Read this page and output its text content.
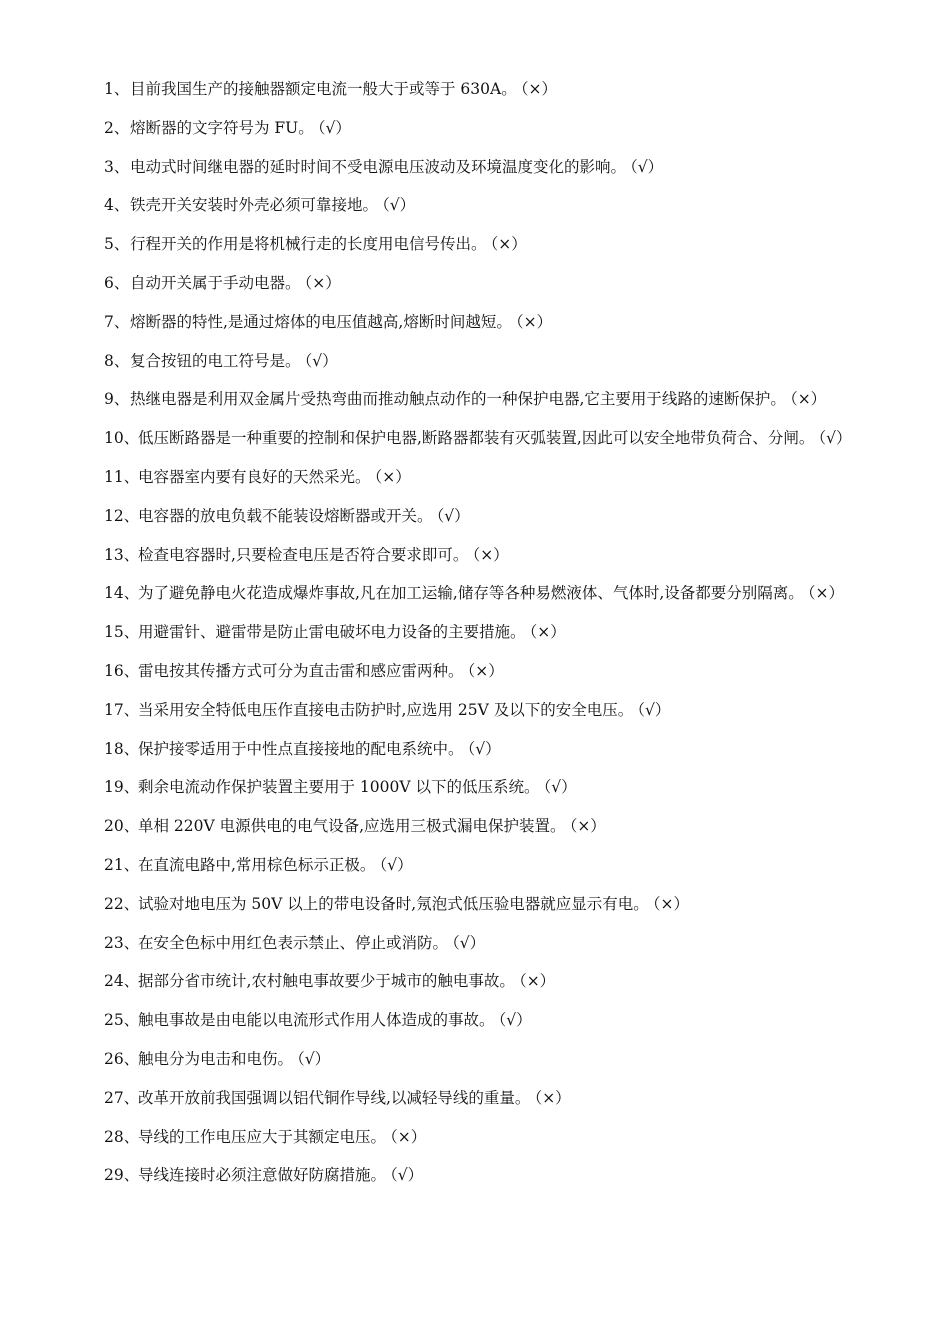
1、 目前我国生产的接触器额定电流一般大于或等于 630A。 （×）
2、 熔断器的文字符号为 FU。 （√）
3、 电动式时间继电器的延时时间不受电源电压波动及环境温度变化的影响。 （√）
4、 铁壳开关安装时外壳必须可靠接地。 （√）
5、 行程开关的作用是将机械行走的长度用电信号传出。 （×）
6、 自动开关属于手动电器。 （×）
7、 熔断器的特性,是通过熔体的电压值越高,熔断时间越短。 （×）
8、 复合按钮的电工符号是。 （√）
9、 热继电器是利用双金属片受热弯曲而推动触点动作的一种保护电器,它主要用于线路的速断保护。 （×）
10、
低压断路器是一种重要的控制和保护电器,断路器都装有灭弧装置,因此可以安全地带负荷合、分闸。 （√）
11、
电容器室内要有良好的天然采光。 （×）
12、
电容器的放电负载不能装设熔断器或开关。 （√）
13、
检查电容器时,只要检查电压是否符合要求即可。 （×）
14、
为了避免静电火花造成爆炸事故,凡在加工运输,储存等各种易燃液体、气体时,设备都要分别隔离。 （×）
15、
用避雷针、避雷带是防止雷电破坏电力设备的主要措施。 （×）
16、
雷电按其传播方式可分为直击雷和感应雷两种。 （×）
17、
当采用安全特低电压作直接电击防护时,应选用 25V 及以下的安全电压。 （√）
18、
保护接零适用于中性点直接接地的配电系统中。 （√）
19、
剩余电流动作保护装置主要用于 1000V 以下的低压系统。 （√）
20、
单相 220V 电源供电的电气设备,应选用三极式漏电保护装置。 （×）
21、
在直流电路中,常用棕色标示正极。 （√）
22、
试验对地电压为 50V 以上的带电设备时,氖泡式低压验电器就应显示有电。 （×）
23、
在安全色标中用红色表示禁止、停止或消防。 （√）
24、
据部分省市统计,农村触电事故要少于城市的触电事故。 （×）
25、
触电事故是由电能以电流形式作用人体造成的事故。 （√）
26、
触电分为电击和电伤。 （√）
27、
改革开放前我国强调以铝代铜作导线,以减轻导线的重量。 （×）
28、
导线的工作电压应大于其额定电压。 （×）
29、
导线连接时必须注意做好防腐措施。 （√）
